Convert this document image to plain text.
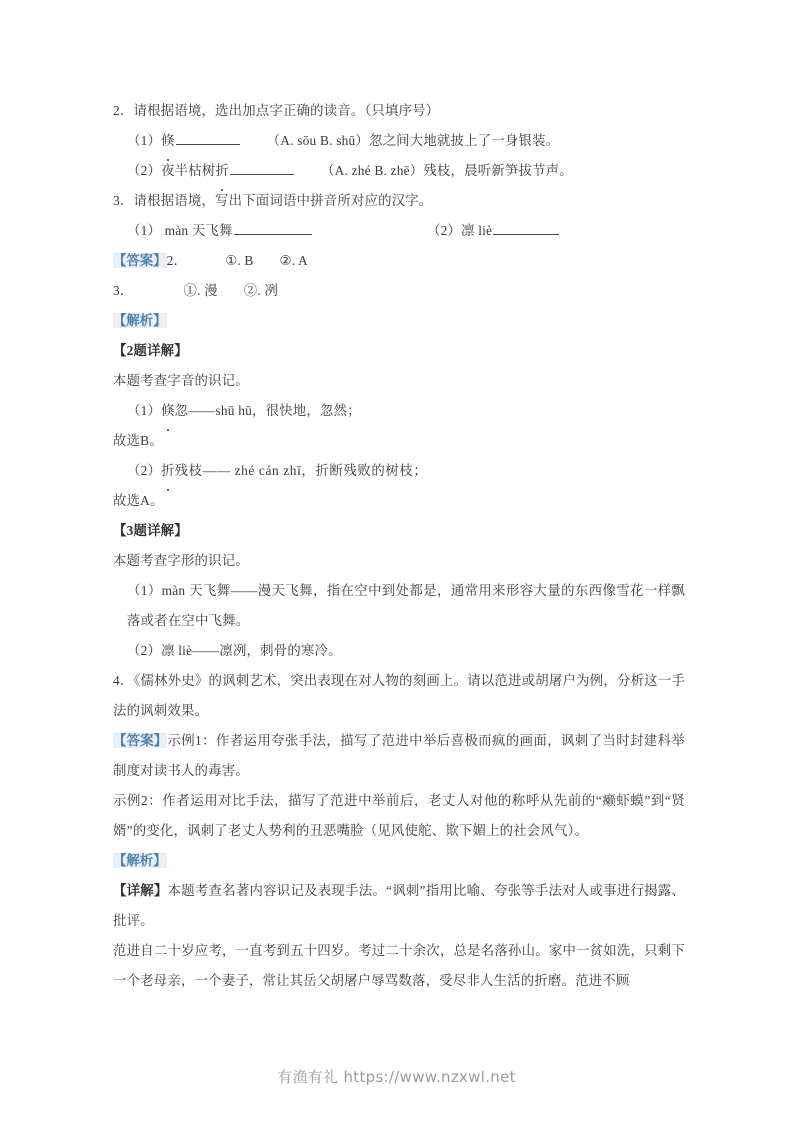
2．请根据语境，选出加点字正确的读音。（只填序号）

（1）倏	（A. sōu B. shū）忽之间大地就披上了一身银装。

（2）夜半枯树折	（A. zhé B. zhē）残枝，晨听新笋拔节声。

3．请根据语境，写出下面词语中拼音所对应的汉字。

（1） màn 天飞舞	（2）凛 liè

【答案】2．	①. B ②. A

3．	①. 漫 ②. 冽

【解析】

【2题详解】

本题考查字音的识记。

（1）倏忽——shū hū，很快地，忽然；

故选B。

（2）折残枝—— zhé cán zhī，折断残败的树枝；

故选A。

【3题详解】

本题考查字形的识记。

（1）màn 天飞舞——漫天飞舞，指在空中到处都是，通常用来形容大量的东西像雪花一样飘落或者在空中飞舞。

（2）凛 liè——凛冽，刺骨的寒冷。

4．《儒林外史》的讽刺艺术，突出表现在对人物的刻画上。请以范进或胡屠户为例，分析这一手法的讽刺效果。

【答案】示例1：作者运用夸张手法，描写了范进中举后喜极而疯的画面，讽刺了当时封建科举制度对读书人的毒害。

示例2：作者运用对比手法，描写了范进中举前后，老丈人对他的称呼从先前的“癞虾蟆”到“贤婿”的变化，讽刺了老丈人势利的丑恶嘴脸（见风使舵、欺下媚上的社会风气）。

【解析】

【详解】本题考查名著内容识记及表现手法。“讽刺”指用比喻、夸张等手法对人或事进行揭露、批评。

范进自二十岁应考，一直考到五十四岁。考过二十余次，总是名落孙山。家中一贫如洗，只剩下一个老母亲，一个妻子，常让其岳父胡屠户辱骂数落，受尽非人生活的折磨。范进不顾

有渔有礼 https://www.nzxwl.net
